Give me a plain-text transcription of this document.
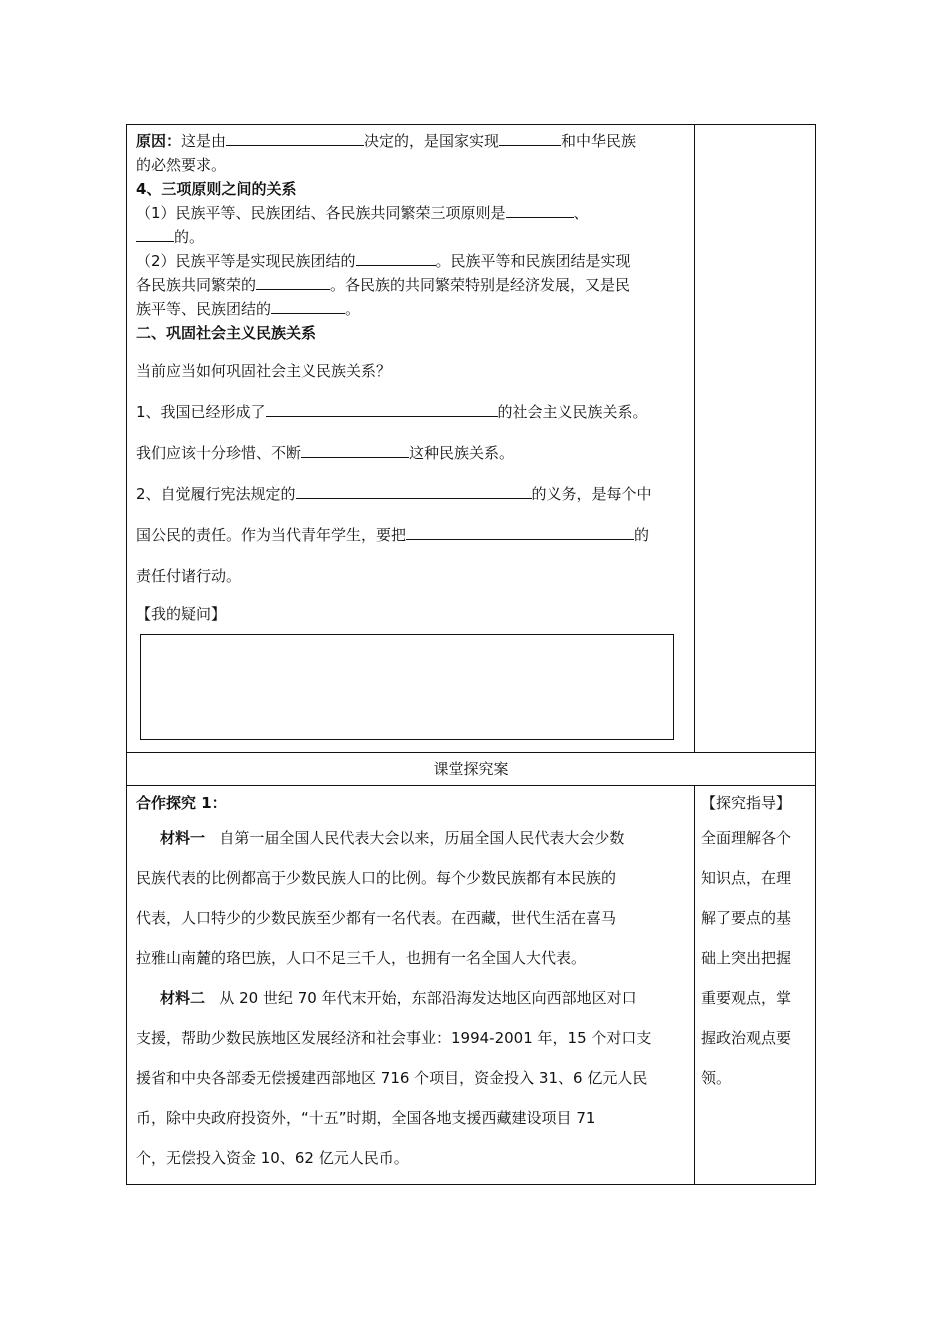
原因：这是由	决定的，是国家实现	和中华民族

的必然要求。

4、三项原则之间的关系

（1）民族平等、民族团结、各民族共同繁荣三项原则是	、

的。

（2）民族平等是实现民族团结的	。民族平等和民族团结是实现

各民族共同繁荣的	。各民族的共同繁荣特别是经济发展，又是民

族平等、民族团结的	。

二、巩固社会主义民族关系

当前应当如何巩固社会主义民族关系？

1、我国已经形成了	的社会主义民族关系。

我们应该十分珍惜、不断	这种民族关系。

2、自觉履行宪法规定的	的义务，是每个中

国公民的责任。作为当代青年学生，要把	的

责任付诸行动。

【我的疑问】

课堂探究案

合作探究 1：

材料一 自第一届全国人民代表大会以来，历届全国人民代表大会少数

民族代表的比例都高于少数民族人口的比例。每个少数民族都有本民族的

代表，人口特少的少数民族至少都有一名代表。在西藏，世代生活在喜马

拉雅山南麓的珞巴族，人口不足三千人，也拥有一名全国人大代表。

材料二 从 20 世纪 70 年代末开始，东部沿海发达地区向西部地区对口

支援，帮助少数民族地区发展经济和社会事业：1994-2001 年，15 个对口支

援省和中央各部委无偿援建西部地区 716 个项目，资金投入 31、6 亿元人民

币，除中央政府投资外，“十五”时期，全国各地支援西藏建设项目 71

个，无偿投入资金 10、62 亿元人民币。

【探究指导】

全面理解各个

知识点，在理

解了要点的基

础上突出把握

重要观点，掌

握政治观点要

领。
